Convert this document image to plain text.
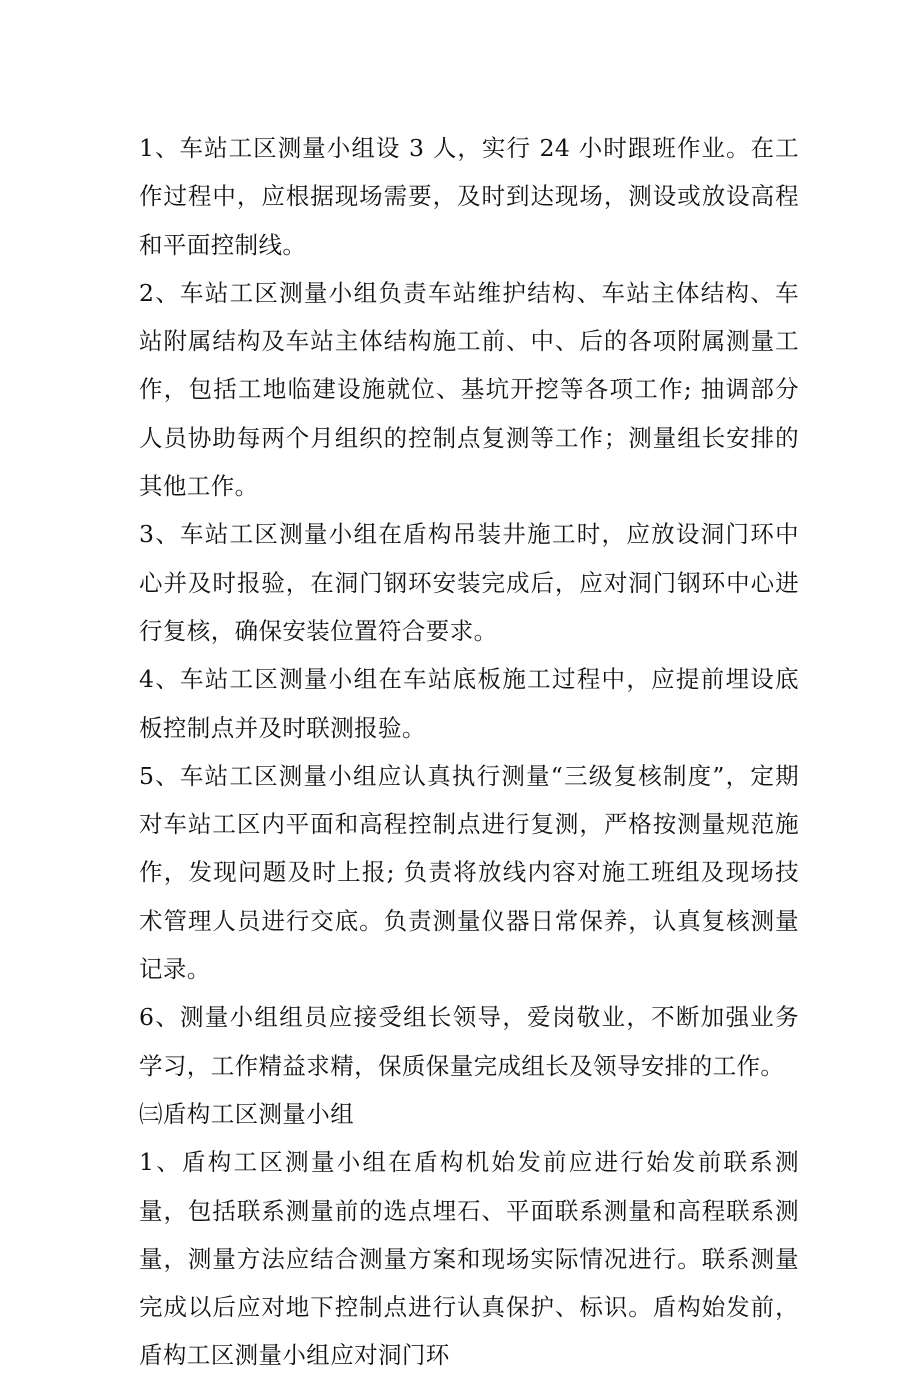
1、车站工区测量小组设 3 人，实行 24 小时跟班作业。在工作过程中，应根据现场需要，及时到达现场，测设或放设高程和平面控制线。

2、车站工区测量小组负责车站维护结构、车站主体结构、车站附属结构及车站主体结构施工前、中、后的各项附属测量工作，包括工地临建设施就位、基坑开挖等各项工作; 抽调部分人员协助每两个月组织的控制点复测等工作；测量组长安排的其他工作。

3、车站工区测量小组在盾构吊装井施工时，应放设洞门环中心并及时报验，在洞门钢环安装完成后，应对洞门钢环中心进行复核，确保安装位置符合要求。

4、车站工区测量小组在车站底板施工过程中，应提前埋设底板控制点并及时联测报验。

5、车站工区测量小组应认真执行测量“三级复核制度”，定期对车站工区内平面和高程控制点进行复测，严格按测量规范施作，发现问题及时上报; 负责将放线内容对施工班组及现场技术管理人员进行交底。负责测量仪器日常保养，认真复核测量记录。

6、测量小组组员应接受组长领导，爱岗敬业，不断加强业务学习，工作精益求精，保质保量完成组长及领导安排的工作。

㈢盾构工区测量小组

1、盾构工区测量小组在盾构机始发前应进行始发前联系测量，包括联系测量前的选点埋石、平面联系测量和高程联系测量，测量方法应结合测量方案和现场实际情况进行。联系测量完成以后应对地下控制点进行认真保护、标识。盾构始发前，盾构工区测量小组应对洞门环
